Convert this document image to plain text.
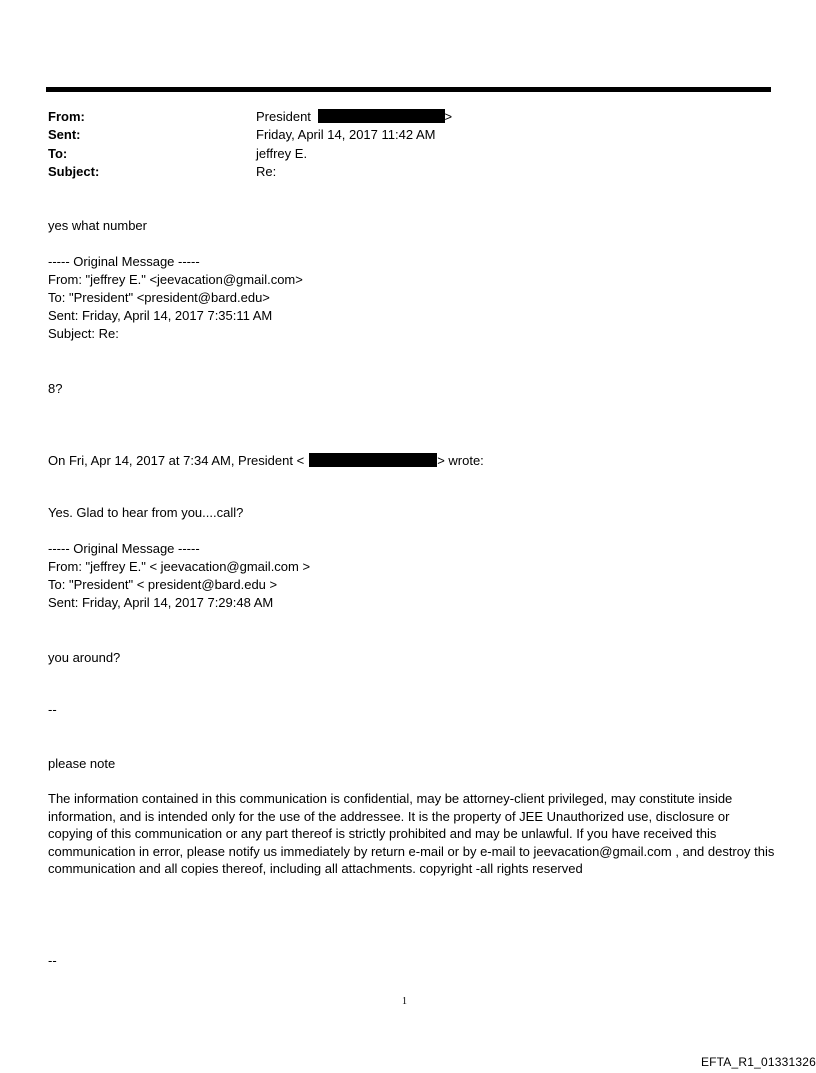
From:	President	>
Sent:	Friday, April 14, 2017 11:42 AM
To:	jeffrey E.
Subject:	Re:
yes what number
----- Original Message -----
From: "jeffrey E." <jeevacation@gmail.com>
To: "President" <president@bard.edu>
Sent: Friday, April 14, 2017 7:35:11 AM
Subject: Re:
8?
On Fri, Apr 14, 2017 at 7:34 AM, President <	> wrote:
Yes. Glad to hear from you....call?
----- Original Message -----
From: "jeffrey E." < jeevacation@gmail.com >
To: "President" < president@bard.edu >
Sent: Friday, April 14, 2017 7:29:48 AM
you around?
--
please note
The information contained in this communication is confidential, may be attorney-client privileged, may constitute inside information, and is intended only for the use of the addressee. It is the property of JEE Unauthorized use, disclosure or copying of this communication or any part thereof is strictly prohibited and may be unlawful. If you have received this communication in error, please notify us immediately by return e-mail or by e-mail to jeevacation@gmail.com , and destroy this communication and all copies thereof, including all attachments. copyright -all rights reserved
--
1
EFTA_R1_01331326
